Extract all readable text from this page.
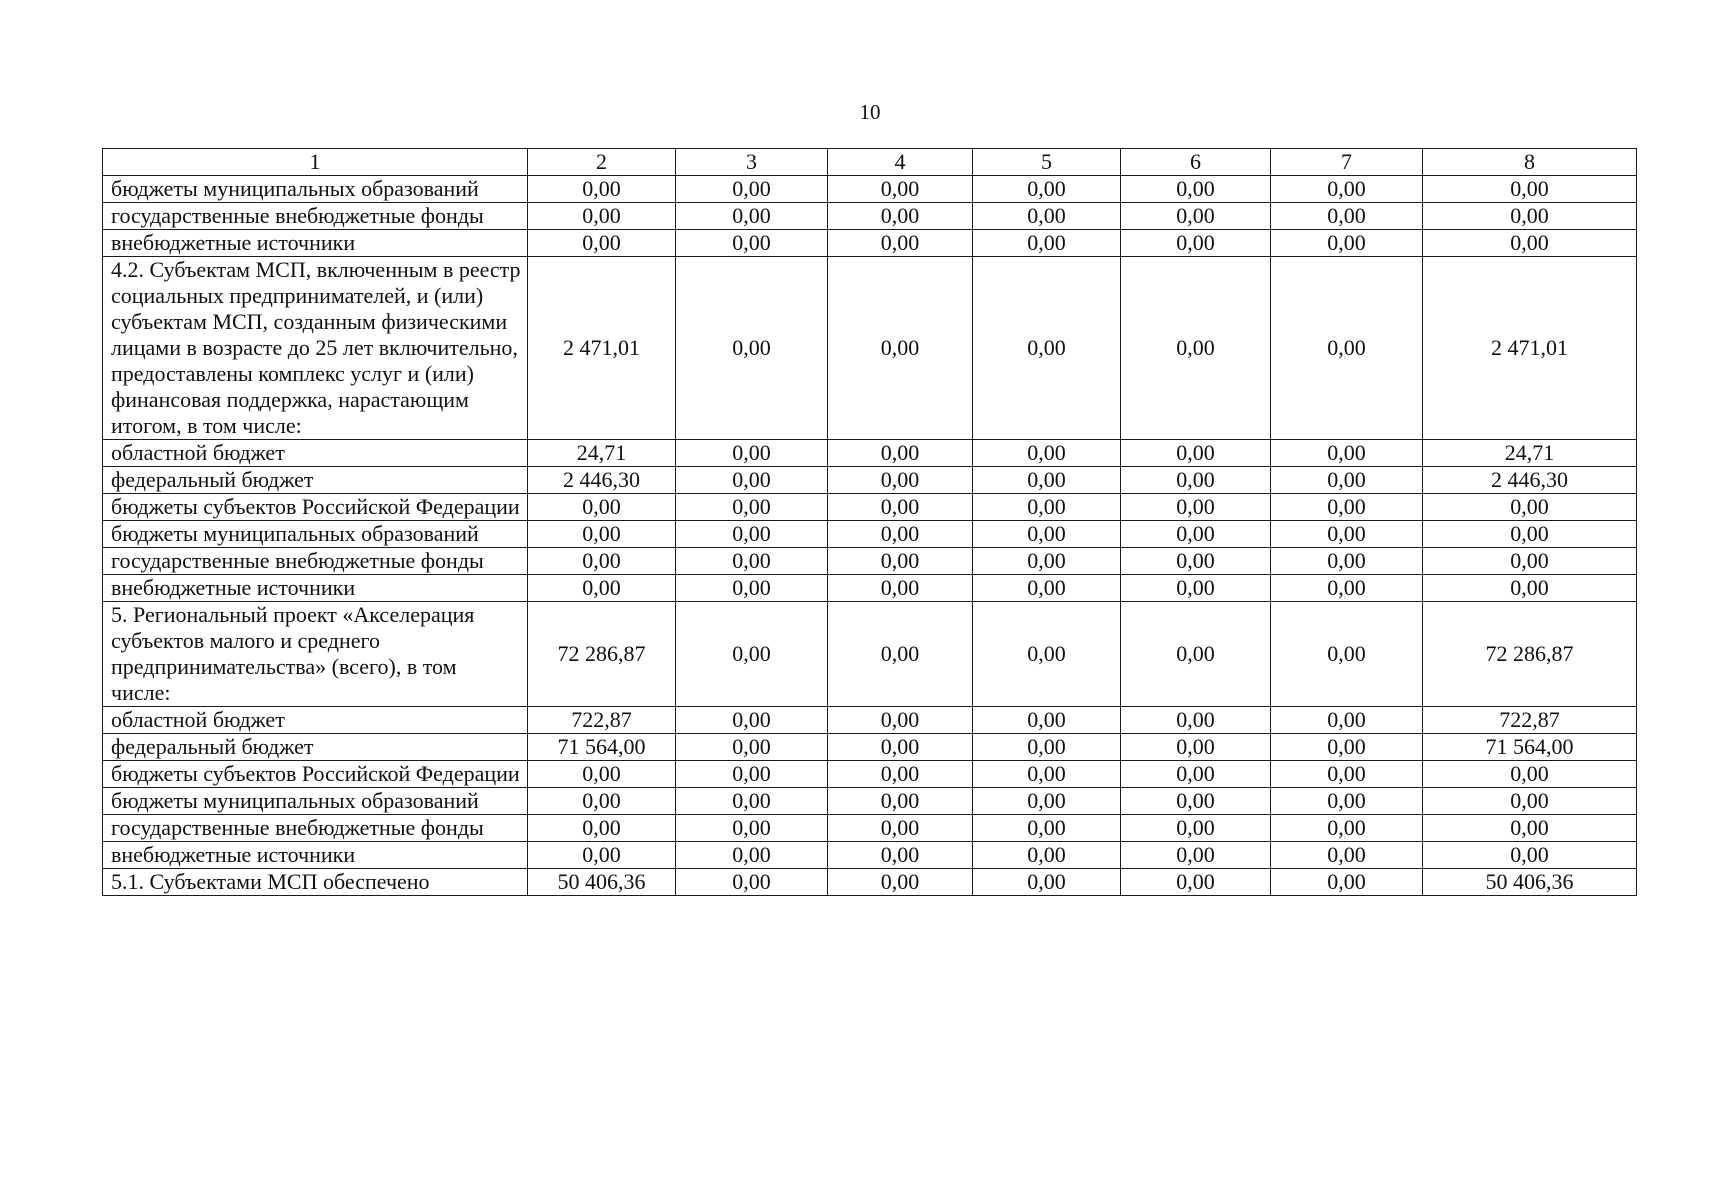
10
1	2	3	4	5	6	7	8
бюджеты муниципальных образований	0,00	0,00	0,00	0,00	0,00	0,00	0,00
государственные внебюджетные фонды	0,00	0,00	0,00	0,00	0,00	0,00	0,00
внебюджетные источники	0,00	0,00	0,00	0,00	0,00	0,00	0,00
4.2. Субъектам МСП, включенным в реестр социальных предпринимателей, и (или) субъектам МСП, созданным физическими лицами в возрасте до 25 лет включительно, предоставлены комплекс услуг и (или) финансовая поддержка, нарастающим итогом, в том числе:	2 471,01	0,00	0,00	0,00	0,00	0,00	2 471,01
областной бюджет	24,71	0,00	0,00	0,00	0,00	0,00	24,71
федеральный бюджет	2 446,30	0,00	0,00	0,00	0,00	0,00	2 446,30
бюджеты субъектов Российской Федерации	0,00	0,00	0,00	0,00	0,00	0,00	0,00
бюджеты муниципальных образований	0,00	0,00	0,00	0,00	0,00	0,00	0,00
государственные внебюджетные фонды	0,00	0,00	0,00	0,00	0,00	0,00	0,00
внебюджетные источники	0,00	0,00	0,00	0,00	0,00	0,00	0,00
5. Региональный проект «Акселерация субъектов малого и среднего предпринимательства» (всего), в том числе:	72 286,87	0,00	0,00	0,00	0,00	0,00	72 286,87
областной бюджет	722,87	0,00	0,00	0,00	0,00	0,00	722,87
федеральный бюджет	71 564,00	0,00	0,00	0,00	0,00	0,00	71 564,00
бюджеты субъектов Российской Федерации	0,00	0,00	0,00	0,00	0,00	0,00	0,00
бюджеты муниципальных образований	0,00	0,00	0,00	0,00	0,00	0,00	0,00
государственные внебюджетные фонды	0,00	0,00	0,00	0,00	0,00	0,00	0,00
внебюджетные источники	0,00	0,00	0,00	0,00	0,00	0,00	0,00
5.1. Субъектами МСП обеспечено	50 406,36	0,00	0,00	0,00	0,00	0,00	50 406,36
